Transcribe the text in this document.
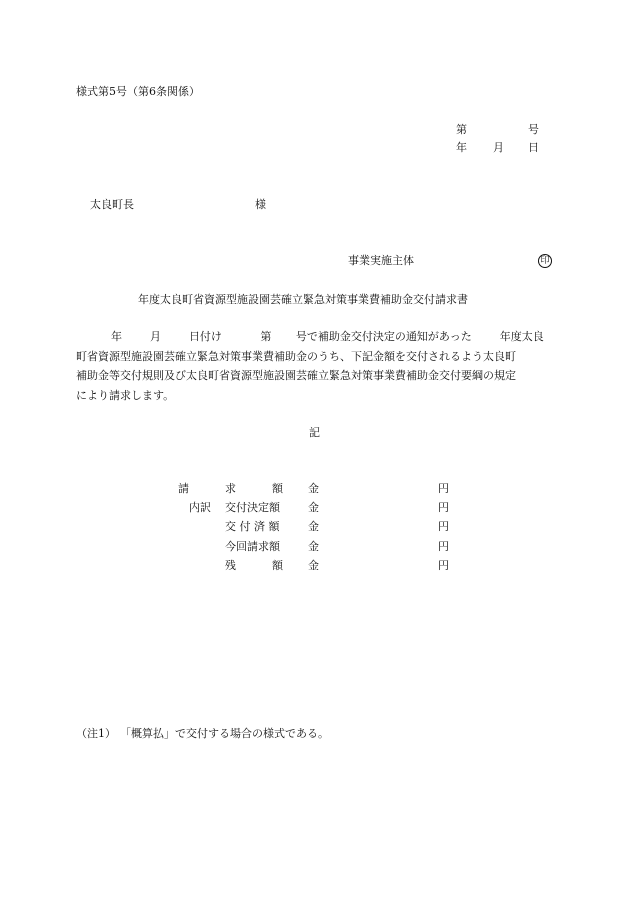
様式第5号（第6条関係）
第	号
年 月 日
太良町長	様
事業実施主体	印
年度太良町省資源型施設園芸確立緊急対策事業費補助金交付請求書
年	月	日付け	第 号で補助金交付決定の通知があった	年度太良
町省資源型施設園芸確立緊急対策事業費補助金のうち、下記金額を交付されるよう太良町
補助金等交付規則及び太良町省資源型施設園芸確立緊急対策事業費補助金交付要綱の規定
により請求します。
記
請	求	額 金	円
内訳 交付決定額	金	円
交 付 済 額	金	円
今回請求額	金	円
残	額 金	円
（注1） 「概算払」で交付する場合の様式である。
